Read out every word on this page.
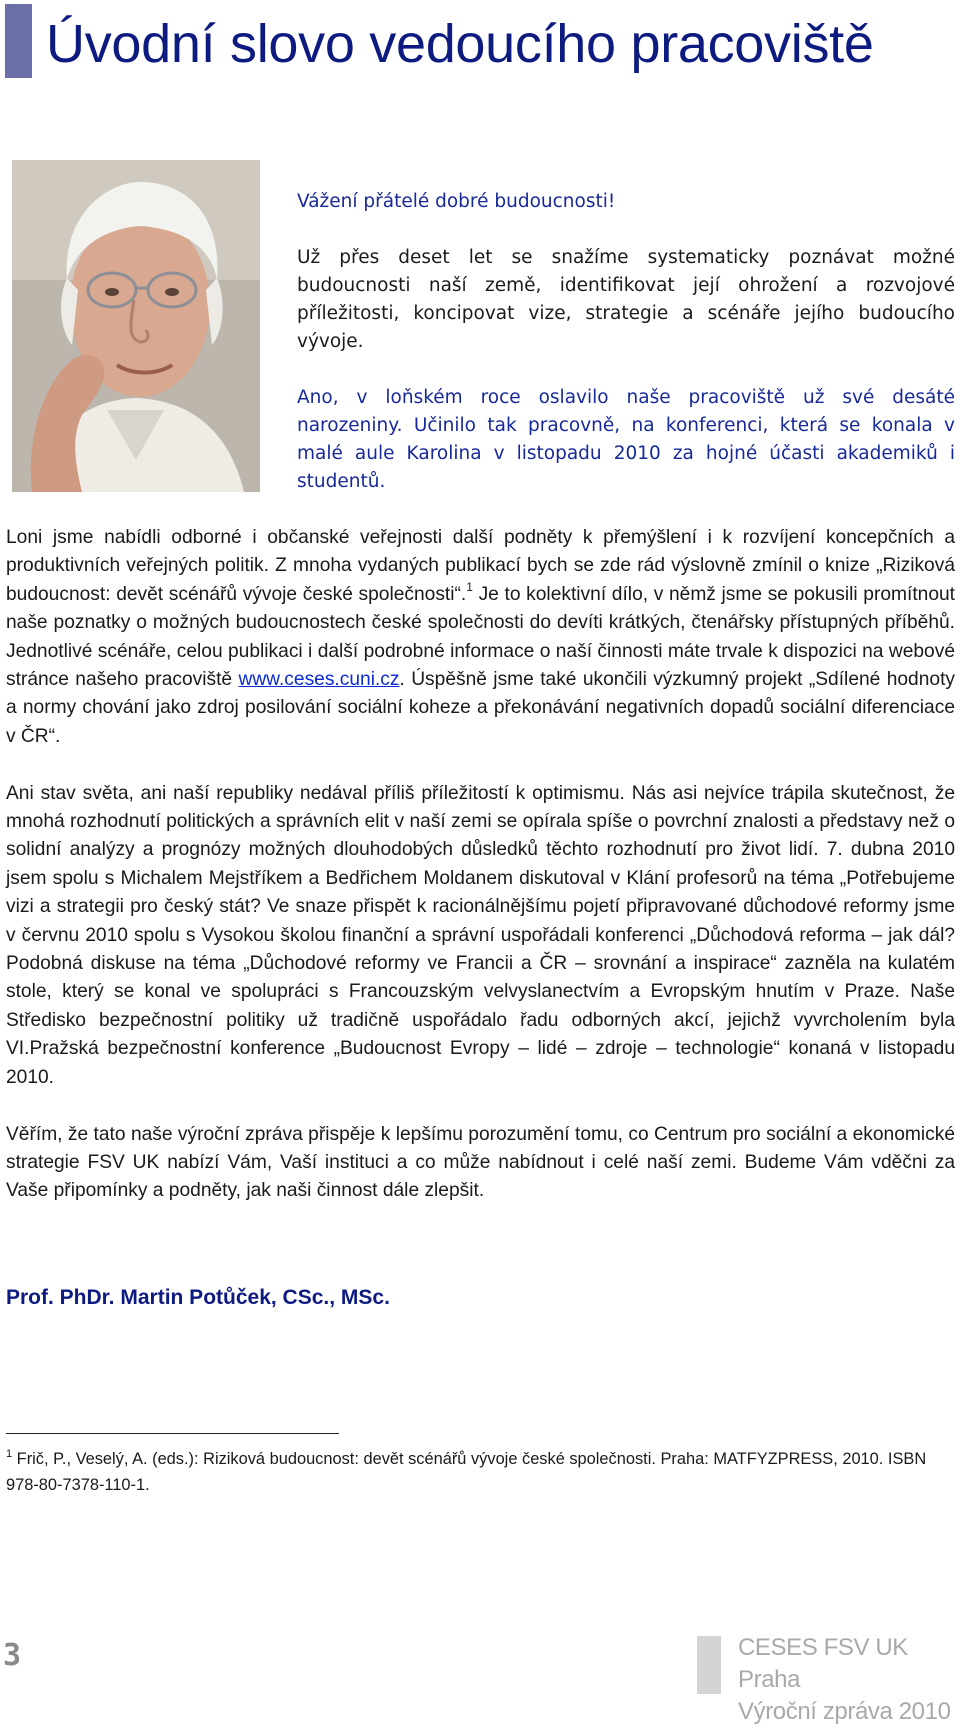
Úvodní slovo vedoucího pracoviště

Vážení přátelé dobré budoucnosti!

Už přes deset let se snažíme systematicky poznávat možné budoucnosti naší země, identifikovat její ohrožení a rozvojové příležitosti, koncipovat vize, strategie a scénáře jejího budoucího vývoje.

Ano, v loňském roce oslavilo naše pracoviště už své desáté narozeniny. Učinilo tak pracovně, na konferenci, která se konala v malé aule Karolina v listopadu 2010 za hojné účasti akademiků i studentů.

Loni jsme nabídli odborné i občanské veřejnosti další podněty k přemýšlení i k rozvíjení koncepčních a produktivních veřejných politik. Z mnoha vydaných publikací bych se zde rád výslovně zmínil o knize „Riziková budoucnost: devět scénářů vývoje české společnosti“.$^1$ Je to kolektivní dílo, v němž jsme se pokusili promítnout naše poznatky o možných budoucnostech české společnosti do devíti krátkých, čtenářsky přístupných příběhů. Jednotlivé scénáře, celou publikaci i další podrobné informace o naší činnosti máte trvale k dispozici na webové stránce našeho pracoviště www.ceses.cuni.cz. Úspěšně jsme také ukončili výzkumný projekt „Sdílené hodnoty a normy chování jako zdroj posilování sociální koheze a překonávání negativních dopadů sociální diferenciace v ČR“.

Ani stav světa, ani naší republiky nedával příliš příležitostí k optimismu. Nás asi nejvíce trápila skutečnost, že mnohá rozhodnutí politických a správních elit v naší zemi se opírala spíše o povrchní znalosti a představy než o solidní analýzy a prognózy možných dlouhodobých důsledků těchto rozhodnutí pro život lidí. 7. dubna 2010 jsem spolu s Michalem Mejstříkem a Bedřichem Moldanem diskutoval v Klání profesorů na téma „Potřebujeme vizi a strategii pro český stát? Ve snaze přispět k racionálnějšímu pojetí připravované důchodové reformy jsme v červnu 2010 spolu s Vysokou školou finanční a správní uspořádali konferenci „Důchodová reforma – jak dál? Podobná diskuse na téma „Důchodové reformy ve Francii a ČR – srovnání a inspirace“ zazněla na kulatém stole, který se konal ve spolupráci s Francouzským velvyslanectvím a Evropským hnutím v Praze. Naše Středisko bezpečnostní politiky už tradičně uspořádalo řadu odborných akcí, jejichž vyvrcholením byla VI.Pražská bezpečnostní konference „Budoucnost Evropy – lidé – zdroje – technologie“ konaná v listopadu 2010.

Věřím, že tato naše výroční zpráva přispěje k lepšímu porozumění tomu, co Centrum pro sociální a ekonomické strategie FSV UK nabízí Vám, Vaší instituci a co může nabídnout i celé naší zemi. Budeme Vám vděčni za Vaše připomínky a podněty, jak naši činnost dále zlepšit.

Prof. PhDr. Martin Potůček, CSc., MSc.

$^1$ Frič, P., Veselý, A. (eds.): Riziková budoucnost: devět scénářů vývoje české společnosti. Praha: MATFYZPRESS, 2010. ISBN 978-80-7378-110-1.

3	CESES FSV UK Praha
Výroční zpráva 2010
